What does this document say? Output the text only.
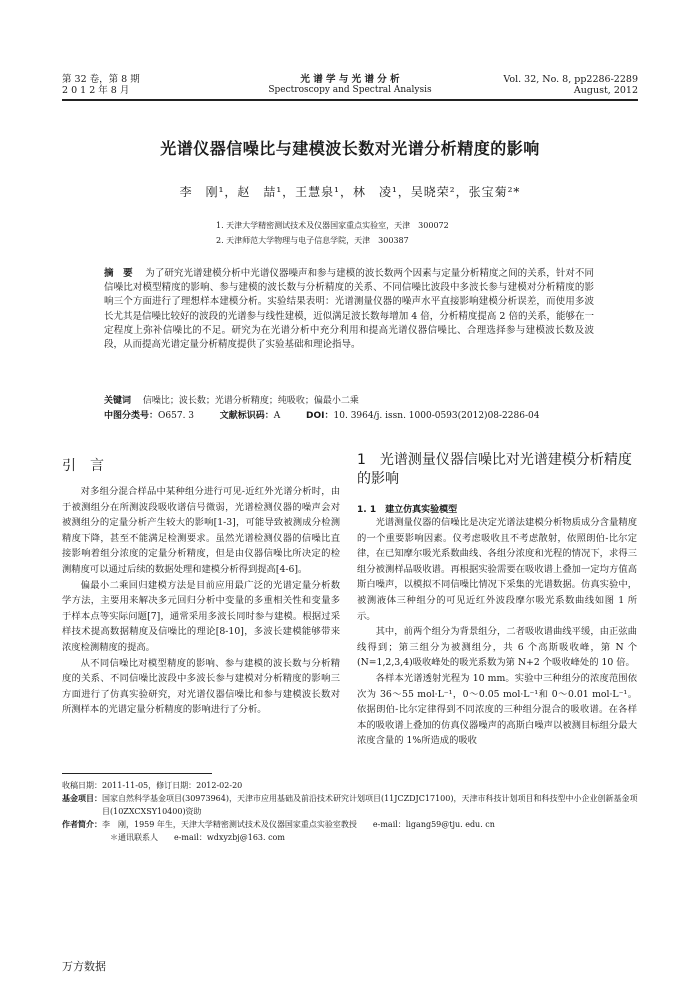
第 32 卷，第 8 期
2 0 1 2 年 8 月
光 谱 学 与 光 谱 分 析
Spectroscopy and Spectral Analysis
Vol. 32, No. 8, pp2286-2289
August, 2012
光谱仪器信噪比与建模波长数对光谱分析精度的影响
李　刚¹，赵　喆¹，王慧泉¹，林　凌¹，吴晓荣²，张宝菊²*
1. 天津大学精密测试技术及仪器国家重点实验室，天津　300072
2. 天津师范大学物理与电子信息学院，天津　300387
摘　要　 为了研究光谱建模分析中光谱仪器噪声和参与建模的波长数两个因素与定量分析精度之间的关系，针对不同信噪比对模型精度的影响、参与建模的波长数与分析精度的关系、不同信噪比波段中多波长参与建模对分析精度的影响三个方面进行了理想样本建模分析。实验结果表明：光谱测量仪器的噪声水平直接影响建模分析误差，而使用多波长尤其是信噪比较好的波段的光谱参与线性建模，近似满足波长数每增加 4 倍，分析精度提高 2 倍的关系，能够在一定程度上弥补信噪比的不足。研究为在光谱分析中充分利用和提高光谱仪器信噪比、合理选择参与建模波长数及波段，从而提高光谱定量分析精度提供了实验基础和理论指导。
关键词　 信噪比；波长数；光谱分析精度；纯吸收；偏最小二乘
中图分类号：O657. 3	文献标识码：A	DOI：10. 3964/j. issn. 1000-0593(2012)08-2286-04
引　言

对多组分混合样品中某种组分进行可见-近红外光谱分析时，由于被测组分在所测波段吸收谱信号微弱，光谱检测仪器的噪声会对被测组分的定量分析产生较大的影响[1-3]，可能导致被测成分检测精度下降，甚至不能满足检测要求。虽然光谱检测仪器的信噪比直接影响着组分浓度的定量分析精度，但是由仪器信噪比所决定的检测精度可以通过后续的数据处理和建模分析得到提高[4-6]。

偏最小二乘回归建模方法是目前应用最广泛的光谱定量分析数学方法，主要用来解决多元回归分析中变量的多重相关性和变量多于样本点等实际问题[7]，通常采用多波长同时参与建模。根据过采样技术提高数据精度及信噪比的理论[8-10]，多波长建模能够带来浓度检测精度的提高。

从不同信噪比对模型精度的影响、参与建模的波长数与分析精度的关系、不同信噪比波段中多波长参与建模对分析精度的影响三方面进行了仿真实验研究，对光谱仪器信噪比和参与建模波长数对所测样本的光谱定量分析精度的影响进行了分析。

1　光谱测量仪器信噪比对光谱建模分析精度的影响
1. 1　建立仿真实验模型

光谱测量仪器的信噪比是决定光谱法建模分析物质成分含量精度的一个重要影响因素。仪考虑吸收且不考虑散射，依照朗伯-比尔定律，在已知摩尔吸光系数曲线、各组分浓度和光程的情况下，求得三组分被测样品吸收谱。再根据实验需要在吸收谱上叠加一定均方值高斯白噪声，以模拟不同信噪比情况下采集的光谱数据。仿真实验中，被测液体三种组分的可见近红外波段摩尔吸光系数曲线如图 1 所示。

其中，前两个组分为背景组分，二者吸收谱曲线平缓，由正弦曲线得到；第三组分为被测组分，共 6 个高斯吸收峰，第 N 个(N=1,2,3,4)吸收峰处的吸光系数为第 N+2 个吸收峰处的 10 倍。

各样本光谱透射光程为 10 mm。实验中三种组分的浓度范围依次为 36～55 mol·L⁻¹，0～0.05 mol·L⁻¹和 0～0.01 mol·L⁻¹。依据朗伯-比尔定律得到不同浓度的三种组分混合的吸收谱。在各样本的吸收谱上叠加的仿真仪器噪声的高斯白噪声以被测目标组分最大浓度含量的 1%所造成的吸收

收稿日期：2011-11-05，修订日期：2012-02-20
基金项目： 国家自然科学基金项目(30973964)，天津市应用基础及前沿技术研究计划项目(11JCZDJC17100)，天津市科技计划项目和科技型中小企业创新基金项目(10ZXCXSY10400)资助
作者简介： 李　刚，1959 年生，天津大学精密测试技术及仪器国家重点实验室教授　　e-mail：ligang59@tju. edu. cn
＊通讯联系人　　e-mail：wdxyzbj@163. com
万方数据
